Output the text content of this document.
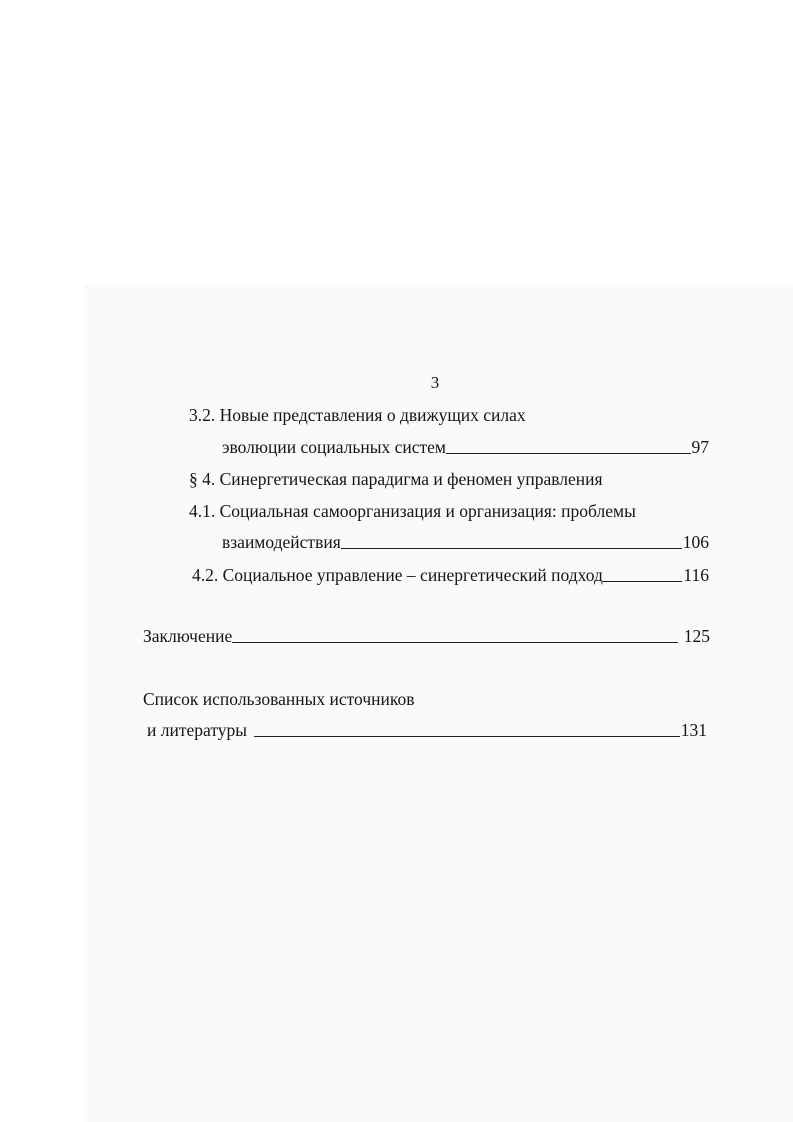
3
3.2. Новые представления о движущих силах
эволюции социальных систем	97
§ 4. Синергетическая парадигма и феномен управления
4.1. Социальная самоорганизация и организация: проблемы
взаимодействия	106
4.2. Социальное управление – синергетический подход	116
Заключение	125
Список использованных источников
и литературы	131
